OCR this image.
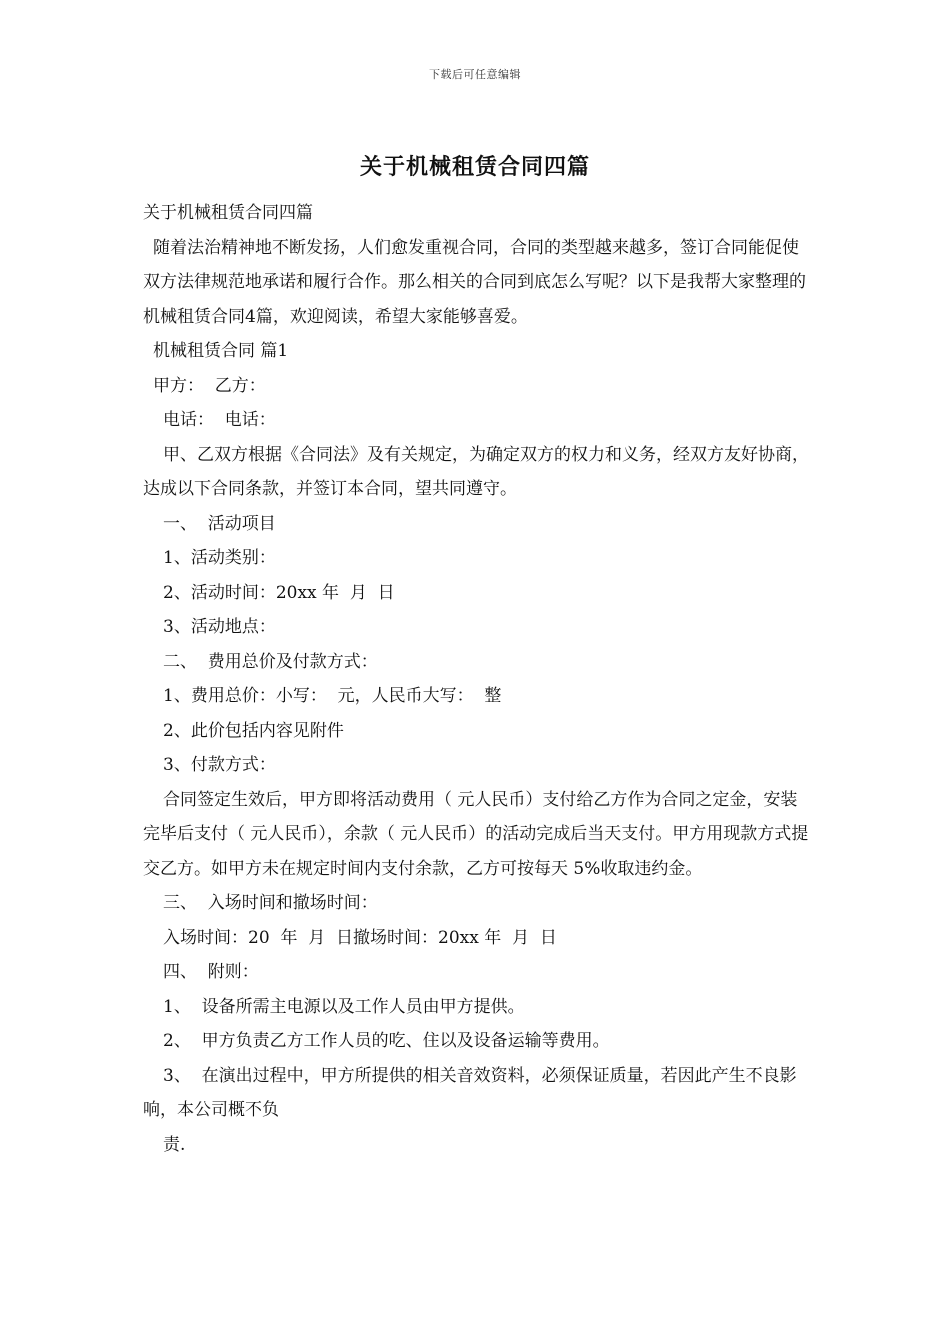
下载后可任意编辑
关于机械租赁合同四篇

关于机械租赁合同四篇

随着法治精神地不断发扬，人们愈发重视合同，合同的类型越来越多，签订合同能促使双方法律规范地承诺和履行合作。那么相关的合同到底怎么写呢？以下是我帮大家整理的机械租赁合同4篇，欢迎阅读，希望大家能够喜爱。

机械租赁合同 篇1

甲方：  乙方：

电话：  电话：

甲、乙双方根据《合同法》及有关规定，为确定双方的权力和义务，经双方友好协商，达成以下合同条款，并签订本合同，望共同遵守。

一、  活动项目

1、活动类别：

2、活动时间：20xx 年  月  日

3、活动地点：

二、  费用总价及付款方式：

1、费用总价：小写：  元，人民币大写：  整

2、此价包括内容见附件

3、付款方式：

合同签定生效后，甲方即将活动费用（ 元人民币）支付给乙方作为合同之定金，安装完毕后支付（ 元人民币），余款（ 元人民币）的活动完成后当天支付。甲方用现款方式提交乙方。如甲方未在规定时间内支付余款，乙方可按每天 5%收取违约金。

三、  入场时间和撤场时间：

入场时间：20  年  月  日撤场时间：20xx 年  月  日

四、  附则：

1、  设备所需主电源以及工作人员由甲方提供。

2、  甲方负责乙方工作人员的吃、住以及设备运输等费用。

3、  在演出过程中，甲方所提供的相关音效资料，必须保证质量，若因此产生不良影响，本公司概不负

责.
